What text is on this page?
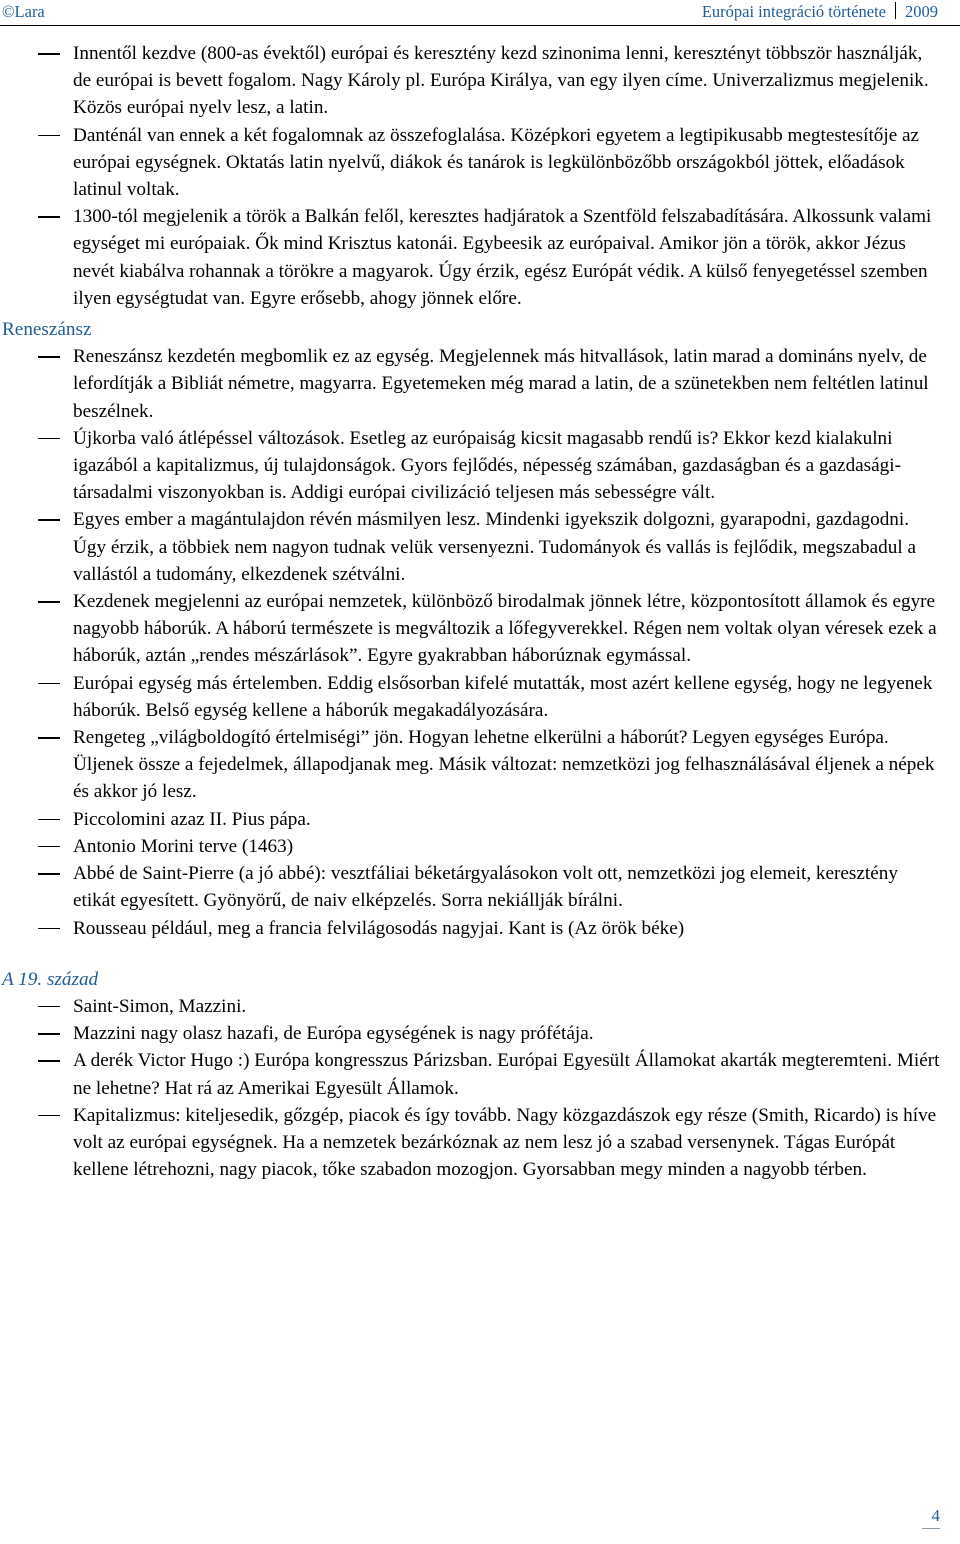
©Lara	Európai integráció története 2009
Innentől kezdve (800-as évektől) európai és keresztény kezd szinonima lenni, keresztényt többször használják, de európai is bevett fogalom. Nagy Károly pl. Európa Királya, van egy ilyen címe. Univerzalizmus megjelenik. Közös európai nyelv lesz, a latin.
Danténál van ennek a két fogalomnak az összefoglalása. Középkori egyetem a legtipikusabb megtestesítője az európai egységnek. Oktatás latin nyelvű, diákok és tanárok is legkülönbözőbb országokból jöttek, előadások latinul voltak.
1300-tól megjelenik a török a Balkán felől, keresztes hadjáratok a Szentföld felszabadítására. Alkossunk valami egységet mi európaiak. Ők mind Krisztus katonái. Egybeesik az európaival. Amikor jön a török, akkor Jézus nevét kiabálva rohannak a törökre a magyarok. Úgy érzik, egész Európát védik. A külső fenyegetéssel szemben ilyen egységtudat van. Egyre erősebb, ahogy jönnek előre.
Reneszánsz
Reneszánsz kezdetén megbomlik ez az egység. Megjelennek más hitvallások, latin marad a domináns nyelv, de lefordítják a Bibliát németre, magyarra. Egyetemeken még marad a latin, de a szünetekben nem feltétlen latinul beszélnek.
Újkorba való átlépéssel változások. Esetleg az európaiság kicsit magasabb rendű is? Ekkor kezd kialakulni igazából a kapitalizmus, új tulajdonságok. Gyors fejlődés, népesség számában, gazdaságban és a gazdasági-társadalmi viszonyokban is. Addigi európai civilizáció teljesen más sebességre vált.
Egyes ember a magántulajdon révén másmilyen lesz. Mindenki igyekszik dolgozni, gyarapodni, gazdagodni. Úgy érzik, a többiek nem nagyon tudnak velük versenyezni. Tudományok és vallás is fejlődik, megszabadul a vallástól a tudomány, elkezdenek szétválni.
Kezdenek megjelenni az európai nemzetek, különböző birodalmak jönnek létre, központosított államok és egyre nagyobb háborúk. A háború természete is megváltozik a lőfegyverekkel. Régen nem voltak olyan véresek ezek a háborúk, aztán „rendes mészárlások”. Egyre gyakrabban háborúznak egymással.
Európai egység más értelemben. Eddig elsősorban kifelé mutatták, most azért kellene egység, hogy ne legyenek háborúk. Belső egység kellene a háborúk megakadályozására.
Rengeteg „világboldogító értelmiségi” jön. Hogyan lehetne elkerülni a háborút? Legyen egységes Európa. Üljenek össze a fejedelmek, állapodjanak meg. Másik változat: nemzetközi jog felhasználásával éljenek a népek és akkor jó lesz.
Piccolomini azaz II. Pius pápa.
Antonio Morini terve (1463)
Abbé de Saint-Pierre (a jó abbé): vesztfáliai béketárgyalásokon volt ott, nemzetközi jog elemeit, keresztény etikát egyesített. Gyönyörű, de naiv elképzelés. Sorra nekiállják bírálni.
Rousseau például, meg a francia felvilágosodás nagyjai. Kant is (Az örök béke)
A 19. század
Saint-Simon, Mazzini.
Mazzini nagy olasz hazafi, de Európa egységének is nagy prófétája.
A derék Victor Hugo :) Európa kongresszus Párizsban. Európai Egyesült Államokat akarták megteremteni. Miért ne lehetne? Hat rá az Amerikai Egyesült Államok.
Kapitalizmus: kiteljesedik, gőzgép, piacok és így tovább. Nagy közgazdászok egy része (Smith, Ricardo) is híve volt az európai egységnek. Ha a nemzetek bezárkóznak az nem lesz jó a szabad versenynek. Tágas Európát kellene létrehozni, nagy piacok, tőke szabadon mozogjon. Gyorsabban megy minden a nagyobb térben.
4
